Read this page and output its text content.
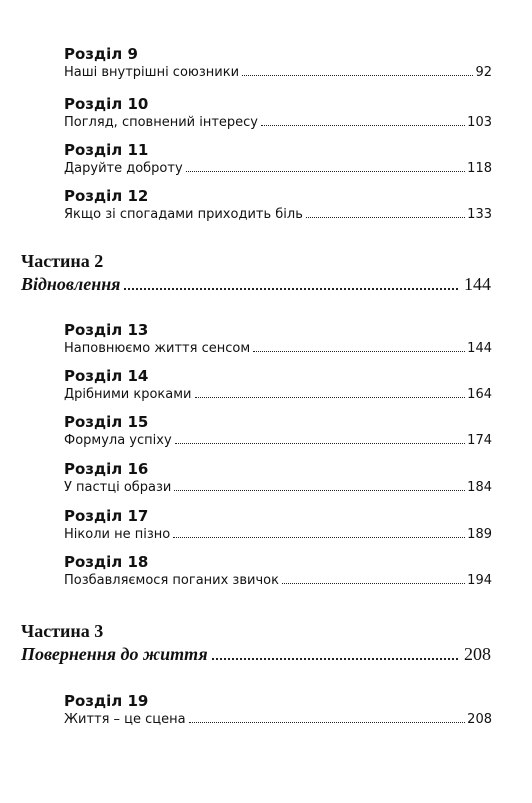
Розділ 9
Наші внутрішні союзники	92
Розділ 10
Погляд, сповнений інтересу	103
Розділ 11
Даруйте доброту	118
Розділ 12
Якщо зі спогадами приходить біль	133
Частина 2
Відновлення	144
Розділ 13
Наповнюємо життя сенсом	144
Розділ 14
Дрібними кроками	164
Розділ 15
Формула успіху	174
Розділ 16
У пастці образи	184
Розділ 17
Ніколи не пізно	189
Розділ 18
Позбавляємося поганих звичок	194
Частина 3
Повернення до життя	208
Розділ 19
Життя – це сцена	208
